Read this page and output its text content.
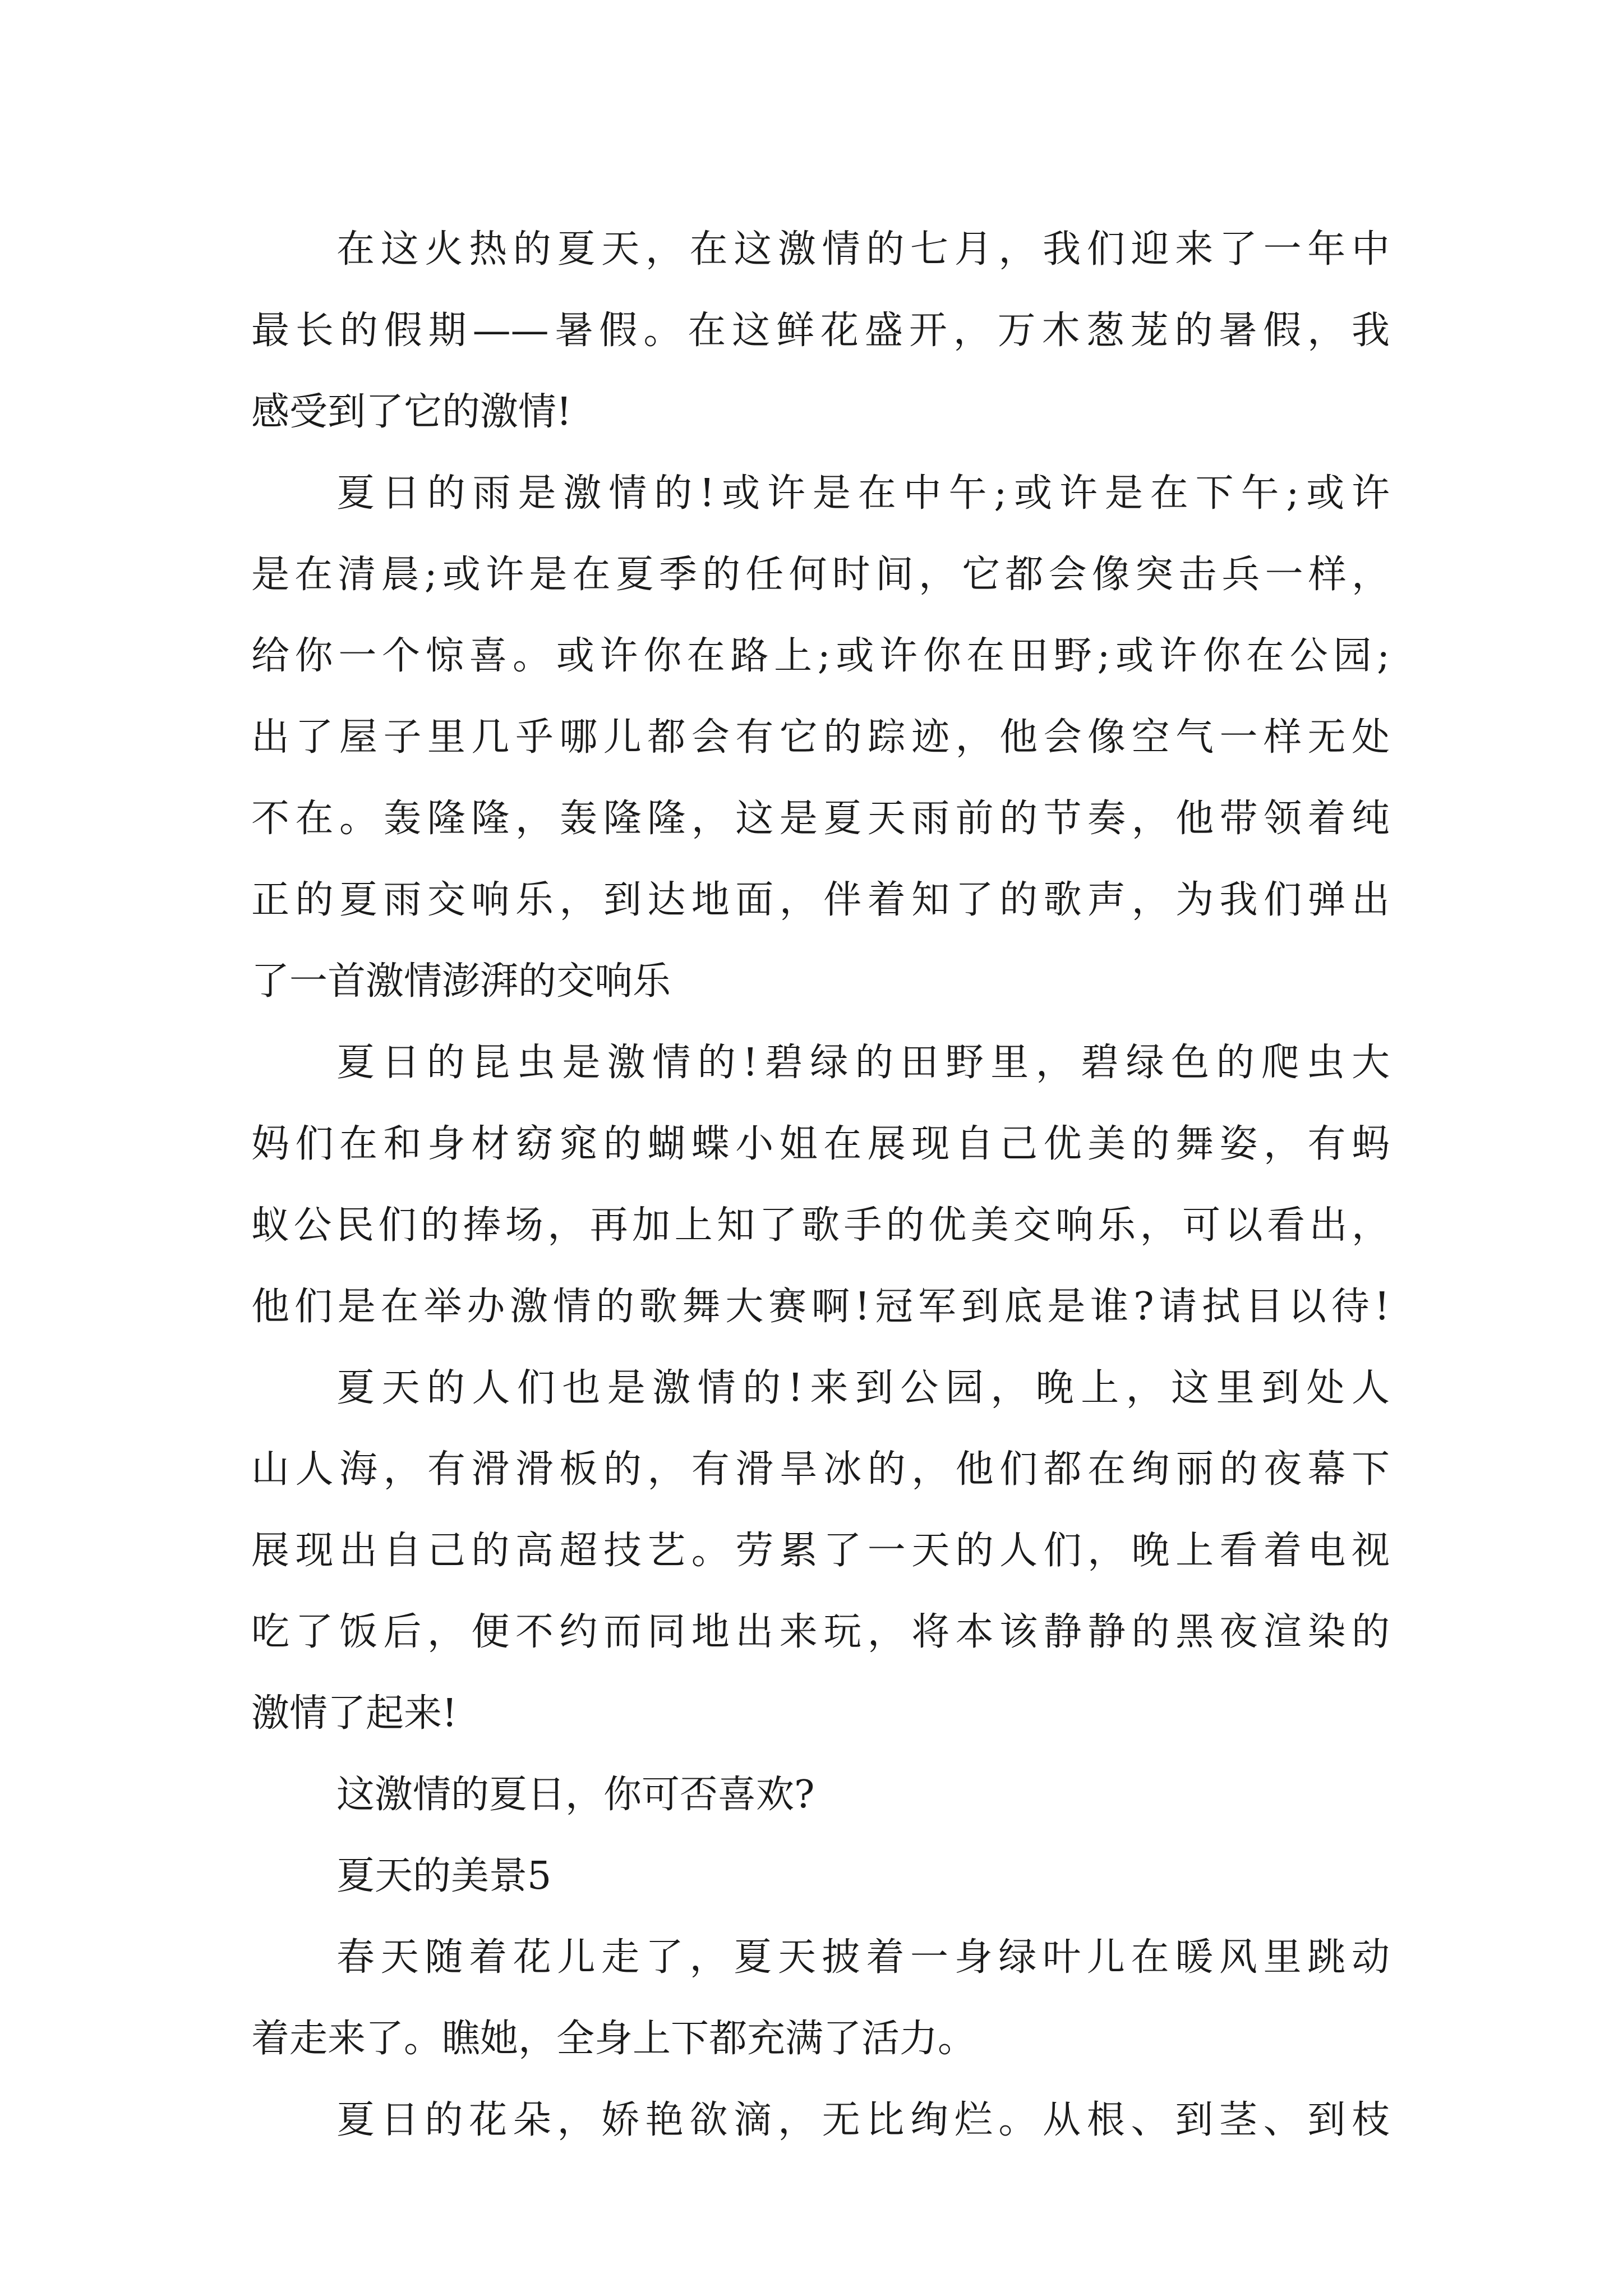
在这火热的夏天，在这激情的七月，我们迎来了一年中
最长的假期——暑假。在这鲜花盛开，万木葱茏的暑假，我
感受到了它的激情!
夏日的雨是激情的!或许是在中午;或许是在下午;或许
是在清晨;或许是在夏季的任何时间，它都会像突击兵一样，
给你一个惊喜。或许你在路上;或许你在田野;或许你在公园;
出了屋子里几乎哪儿都会有它的踪迹，他会像空气一样无处
不在。轰隆隆，轰隆隆，这是夏天雨前的节奏，他带领着纯
正的夏雨交响乐，到达地面，伴着知了的歌声，为我们弹出
了一首激情澎湃的交响乐
夏日的昆虫是激情的!碧绿的田野里，碧绿色的爬虫大
妈们在和身材窈窕的蝴蝶小姐在展现自己优美的舞姿，有蚂
蚁公民们的捧场，再加上知了歌手的优美交响乐，可以看出，
他们是在举办激情的歌舞大赛啊!冠军到底是谁?请拭目以待!
夏天的人们也是激情的!来到公园，晚上，这里到处人
山人海，有滑滑板的，有滑旱冰的，他们都在绚丽的夜幕下
展现出自己的高超技艺。劳累了一天的人们，晚上看着电视
吃了饭后，便不约而同地出来玩，将本该静静的黑夜渲染的
激情了起来!
这激情的夏日，你可否喜欢?
夏天的美景5
春天随着花儿走了，夏天披着一身绿叶儿在暖风里跳动
着走来了。瞧她，全身上下都充满了活力。
夏日的花朵，娇艳欲滴，无比绚烂。从根、到茎、到枝
